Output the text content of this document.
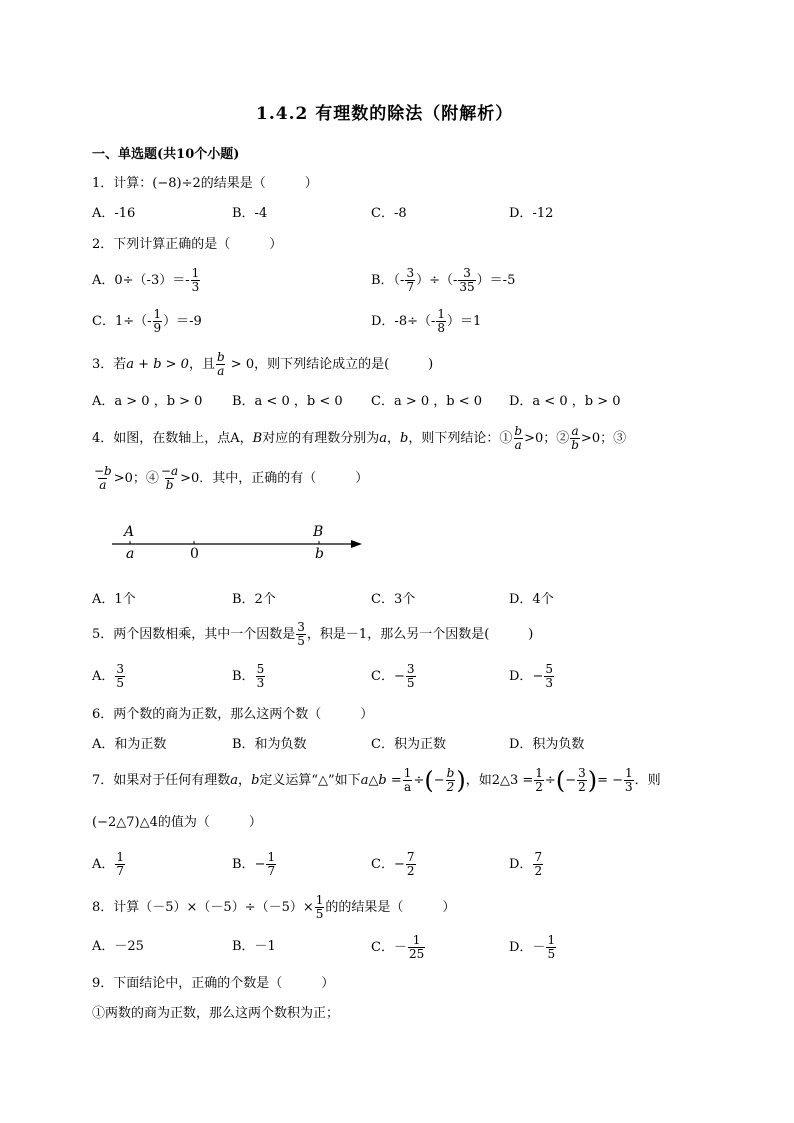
1.4.2 有理数的除法（附解析）
一、单选题(共10个小题)
1．计算：(−8)÷2的结果是（　　　）
A．-16	B．-4	C．-8	D．-12
2．下列计算正确的是（　　　）
A．$0\div(-3)=- \frac{1}{3}$	B．（- $\frac{3}{7}$ ）÷（- $\frac{3}{35} )=-5$
C．$1\div(- \frac{1}{9} )=-9$	D．$-8\div(- \frac{1}{8} )=1$
3．若a + b > 0，且 $\frac{b}{a} > 0$，则下列结论成立的是(　　　)
A．a > 0 ，b > 0 B．a < 0 ，b < 0 C．a > 0 ，b < 0 D．a < 0 ，b > 0
4．如图，在数轴上，点A，B对应的有理数分别为a，b，则下列结论：① $\frac{b}{a} >0$；② $\frac{a}{b} >0$；③
$\frac{-b}{a} >0$；④ $\frac{-a}{b} >0$．其中，正确的有（　　　）
A
a	0
B
b
A．1个	B．2个	C．3个	D．4个
5．两个因数相乘，其中一个因数是 $\frac{3}{5}$ ，积是－1，那么另一个因数是(　　　)
A． $\frac{3}{5}$	B． $\frac{5}{3}$	C．− $\frac{3}{5}$	D．− $\frac{5}{3}$
6．两个数的商为正数，那么这两个数（　　　）
A．和为正数	B．和为负数	C．积为正数	D．积为负数
7．如果对于任何有理数a，b定义运算“△”如下a△b = $\frac{1}{a}$ ÷(− $\frac{b}{2}$ )，如2△3 = $\frac{1}{2}$ ÷(− $\frac{3}{2}$ )= − $\frac{1}{3}$ ．则
(−2△7)△4的值为（　　　）
A． $\frac{1}{7}$	B．− $\frac{1}{7}$	C．− $\frac{7}{2}$	D． $\frac{7}{2}$
8．计算$(-5)\times(-5)\div(-5)\times \frac{1}{5}$ 的的结果是（　　　）
A．－25	B．－1	C．－ $\frac{1}{25}$	D．－ $\frac{1}{5}$
9．下面结论中，正确的个数是（　　　）
①两数的商为正数，那么这两个数积为正；
